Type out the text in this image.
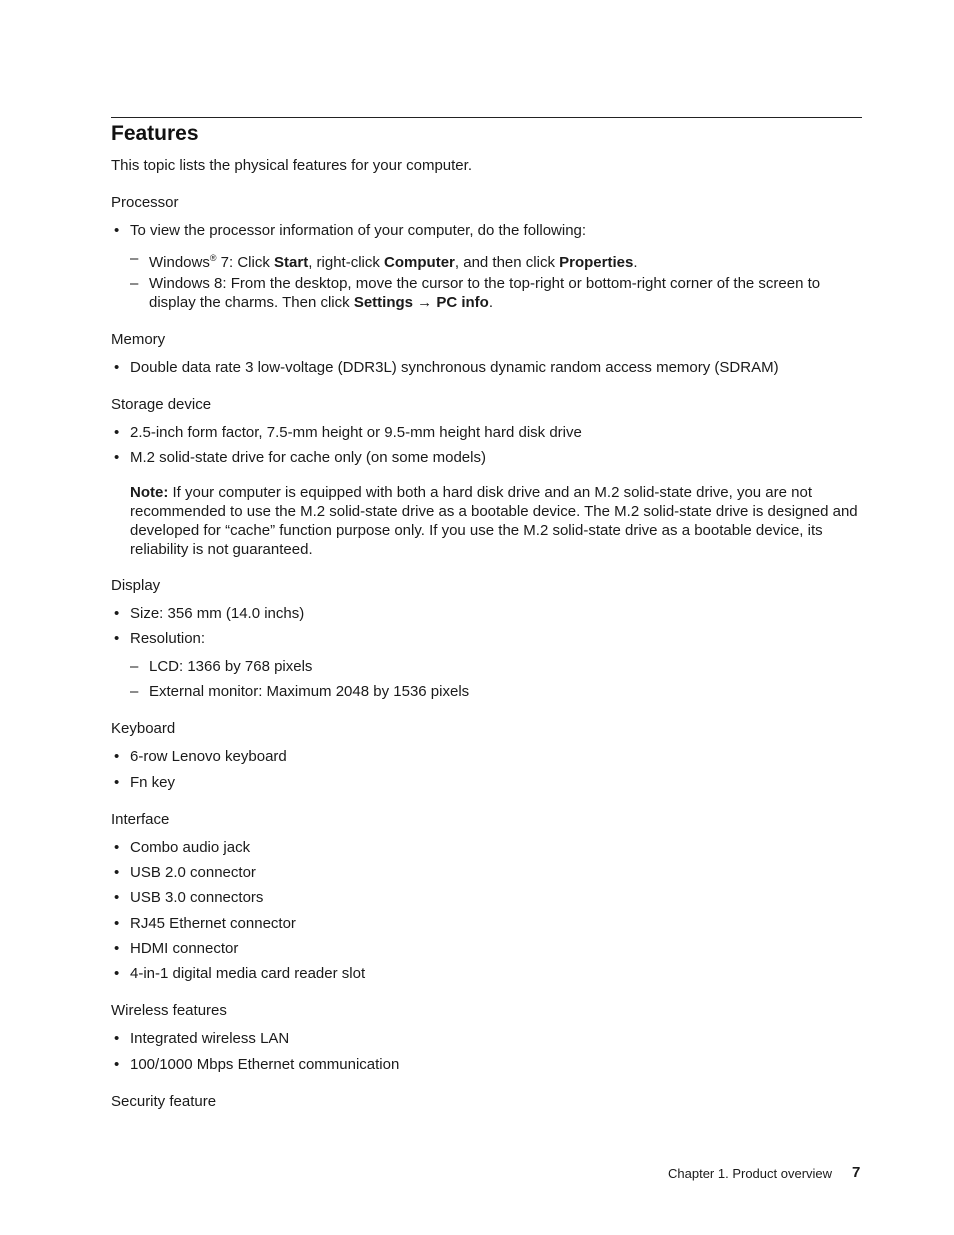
Features
This topic lists the physical features for your computer.
Processor
• To view the processor information of your computer, do the following:
– Windows® 7: Click Start, right-click Computer, and then click Properties.
– Windows 8: From the desktop, move the cursor to the top-right or bottom-right corner of the screen to
display the charms. Then click Settings → PC info.
Memory
• Double data rate 3 low-voltage (DDR3L) synchronous dynamic random access memory (SDRAM)
Storage device
• 2.5-inch form factor, 7.5-mm height or 9.5-mm height hard disk drive
• M.2 solid-state drive for cache only (on some models)
Note: If your computer is equipped with both a hard disk drive and an M.2 solid-state drive, you are not recommended to use the M.2 solid-state drive as a bootable device. The M.2 solid-state drive is designed and developed for “cache” function purpose only. If you use the M.2 solid-state drive as a bootable device, its reliability is not guaranteed.
Display
• Size: 356 mm (14.0 inchs)
• Resolution:
– LCD: 1366 by 768 pixels
– External monitor: Maximum 2048 by 1536 pixels
Keyboard
• 6-row Lenovo keyboard
• Fn key
Interface
• Combo audio jack
• USB 2.0 connector
• USB 3.0 connectors
• RJ45 Ethernet connector
• HDMI connector
• 4-in-1 digital media card reader slot
Wireless features
• Integrated wireless LAN
• 100/1000 Mbps Ethernet communication
Security feature
Chapter 1. Product overview 7
